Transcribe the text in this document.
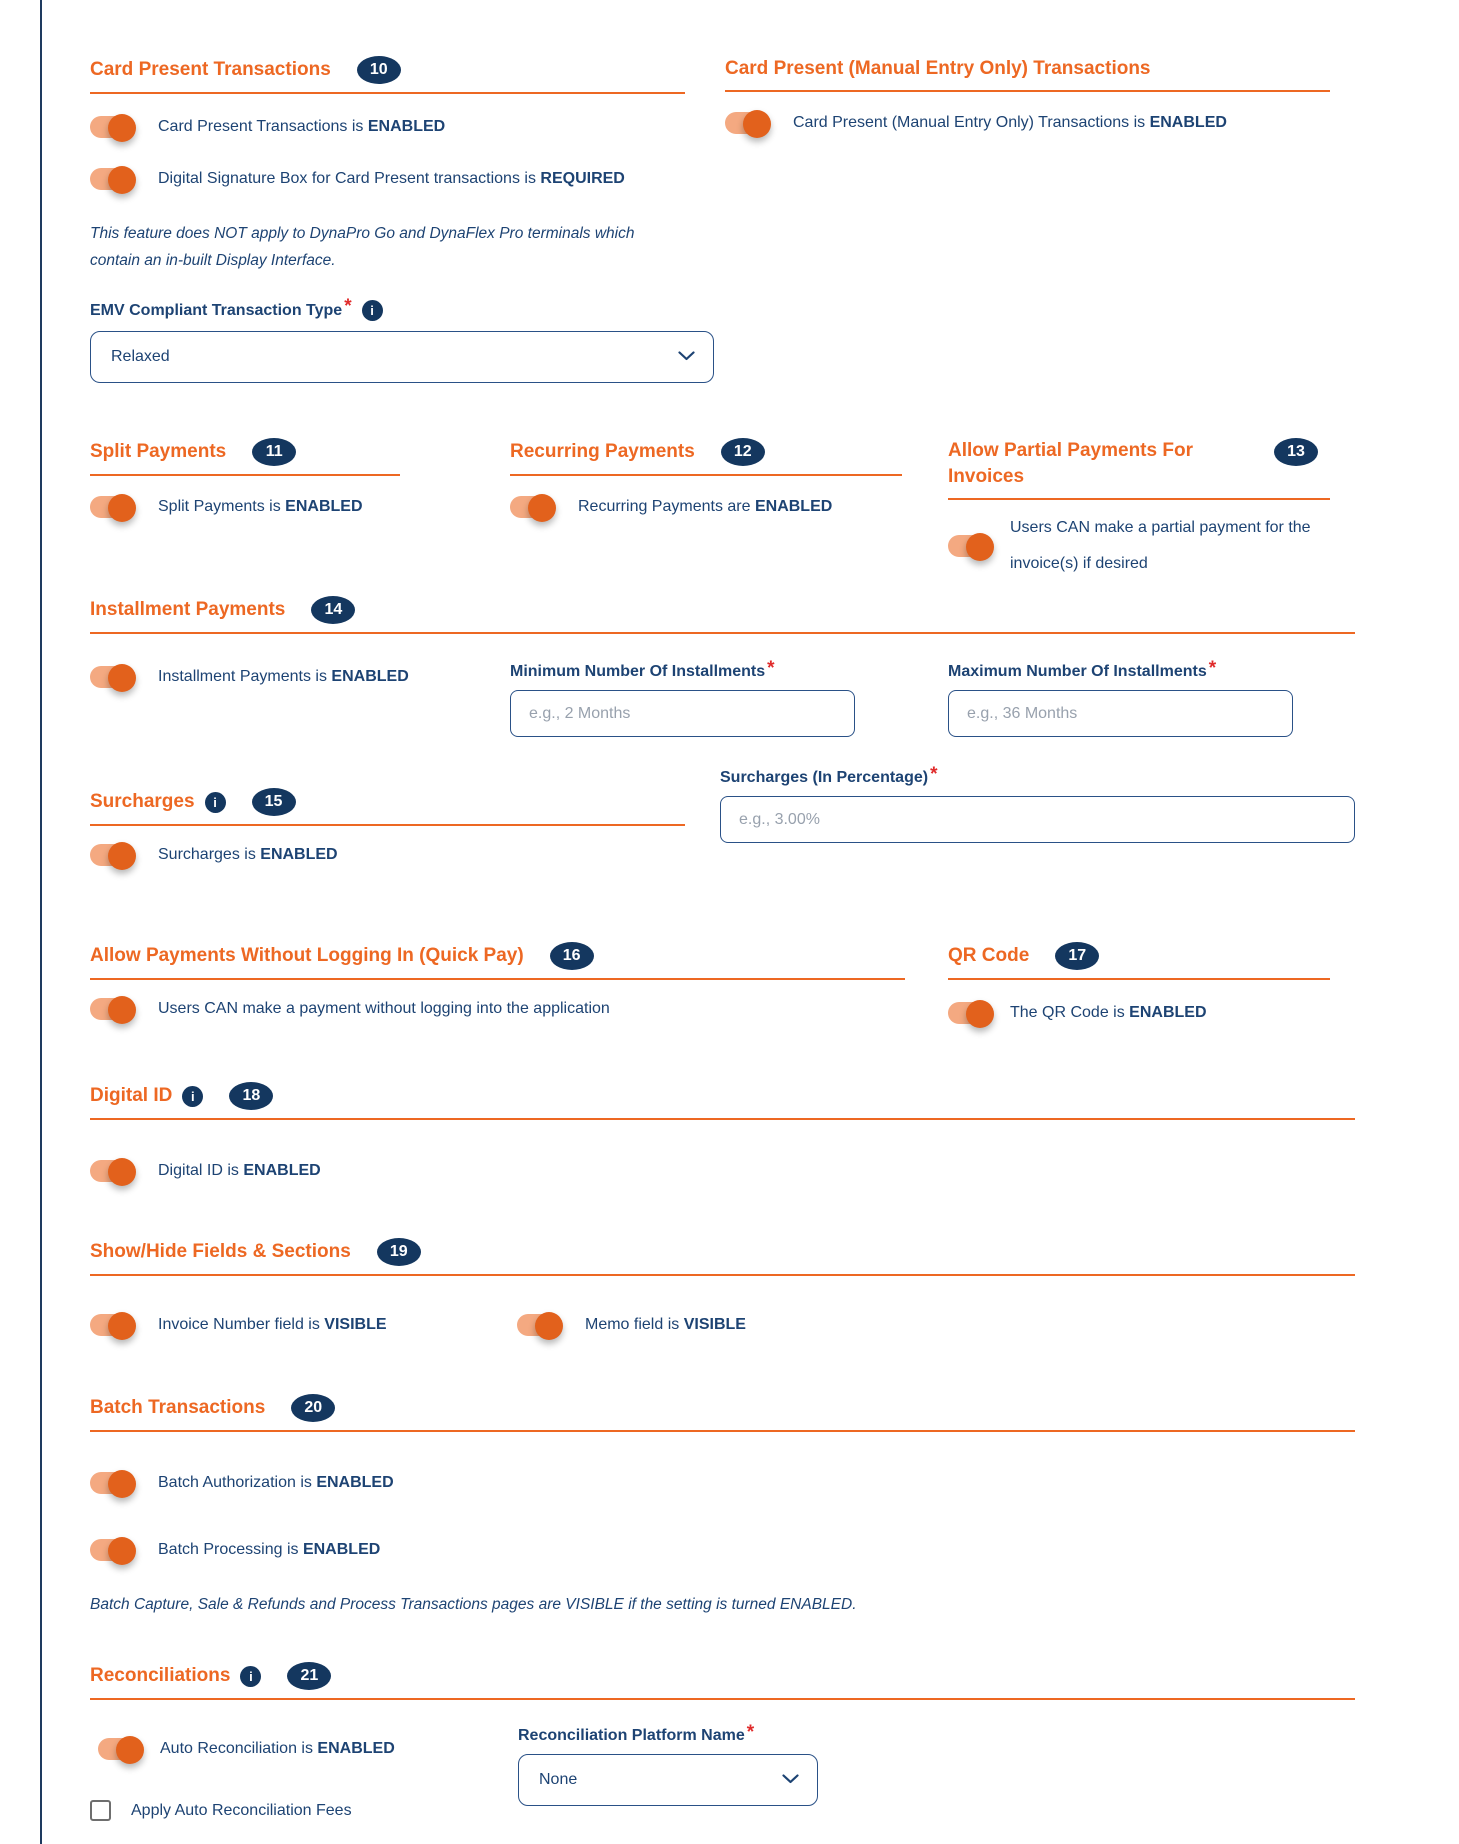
Card Present Transactions	10
Card Present Transactions is ENABLED
Digital Signature Box for Card Present transactions is REQUIRED
This feature does NOT apply to DynaPro Go and DynaFlex Pro terminals which contain an in-built Display Interface.
EMV Compliant Transaction Type *	i
Relaxed
Card Present (Manual Entry Only) Transactions
Card Present (Manual Entry Only) Transactions is ENABLED
Split Payments	11
Split Payments is ENABLED
Recurring Payments	12
Recurring Payments are ENABLED
Allow Partial Payments For Invoices
13
Users CAN make a partial payment for the invoice(s) if desired
Installment Payments	14
Installment Payments is ENABLED	Minimum Number Of Installments *
e.g., 2 Months	Maximum Number Of Installments *
e.g., 36 Months
Surcharges (In Percentage) *
e.g., 3.00%
Surcharges	i	15
Surcharges is ENABLED
Allow Payments Without Logging In (Quick Pay)	16
Users CAN make a payment without logging into the application
QR Code	17
The QR Code is ENABLED
Digital ID	i	18
Digital ID is ENABLED
Show/Hide Fields & Sections	19
Invoice Number field is VISIBLE	Memo field is VISIBLE
Batch Transactions	20
Batch Authorization is ENABLED
Batch Processing is ENABLED
Batch Capture, Sale & Refunds and Process Transactions pages are VISIBLE if the setting is turned ENABLED.
Reconciliations	i	21
Auto Reconciliation is ENABLED
Reconciliation Platform Name *
None
Apply Auto Reconciliation Fees
